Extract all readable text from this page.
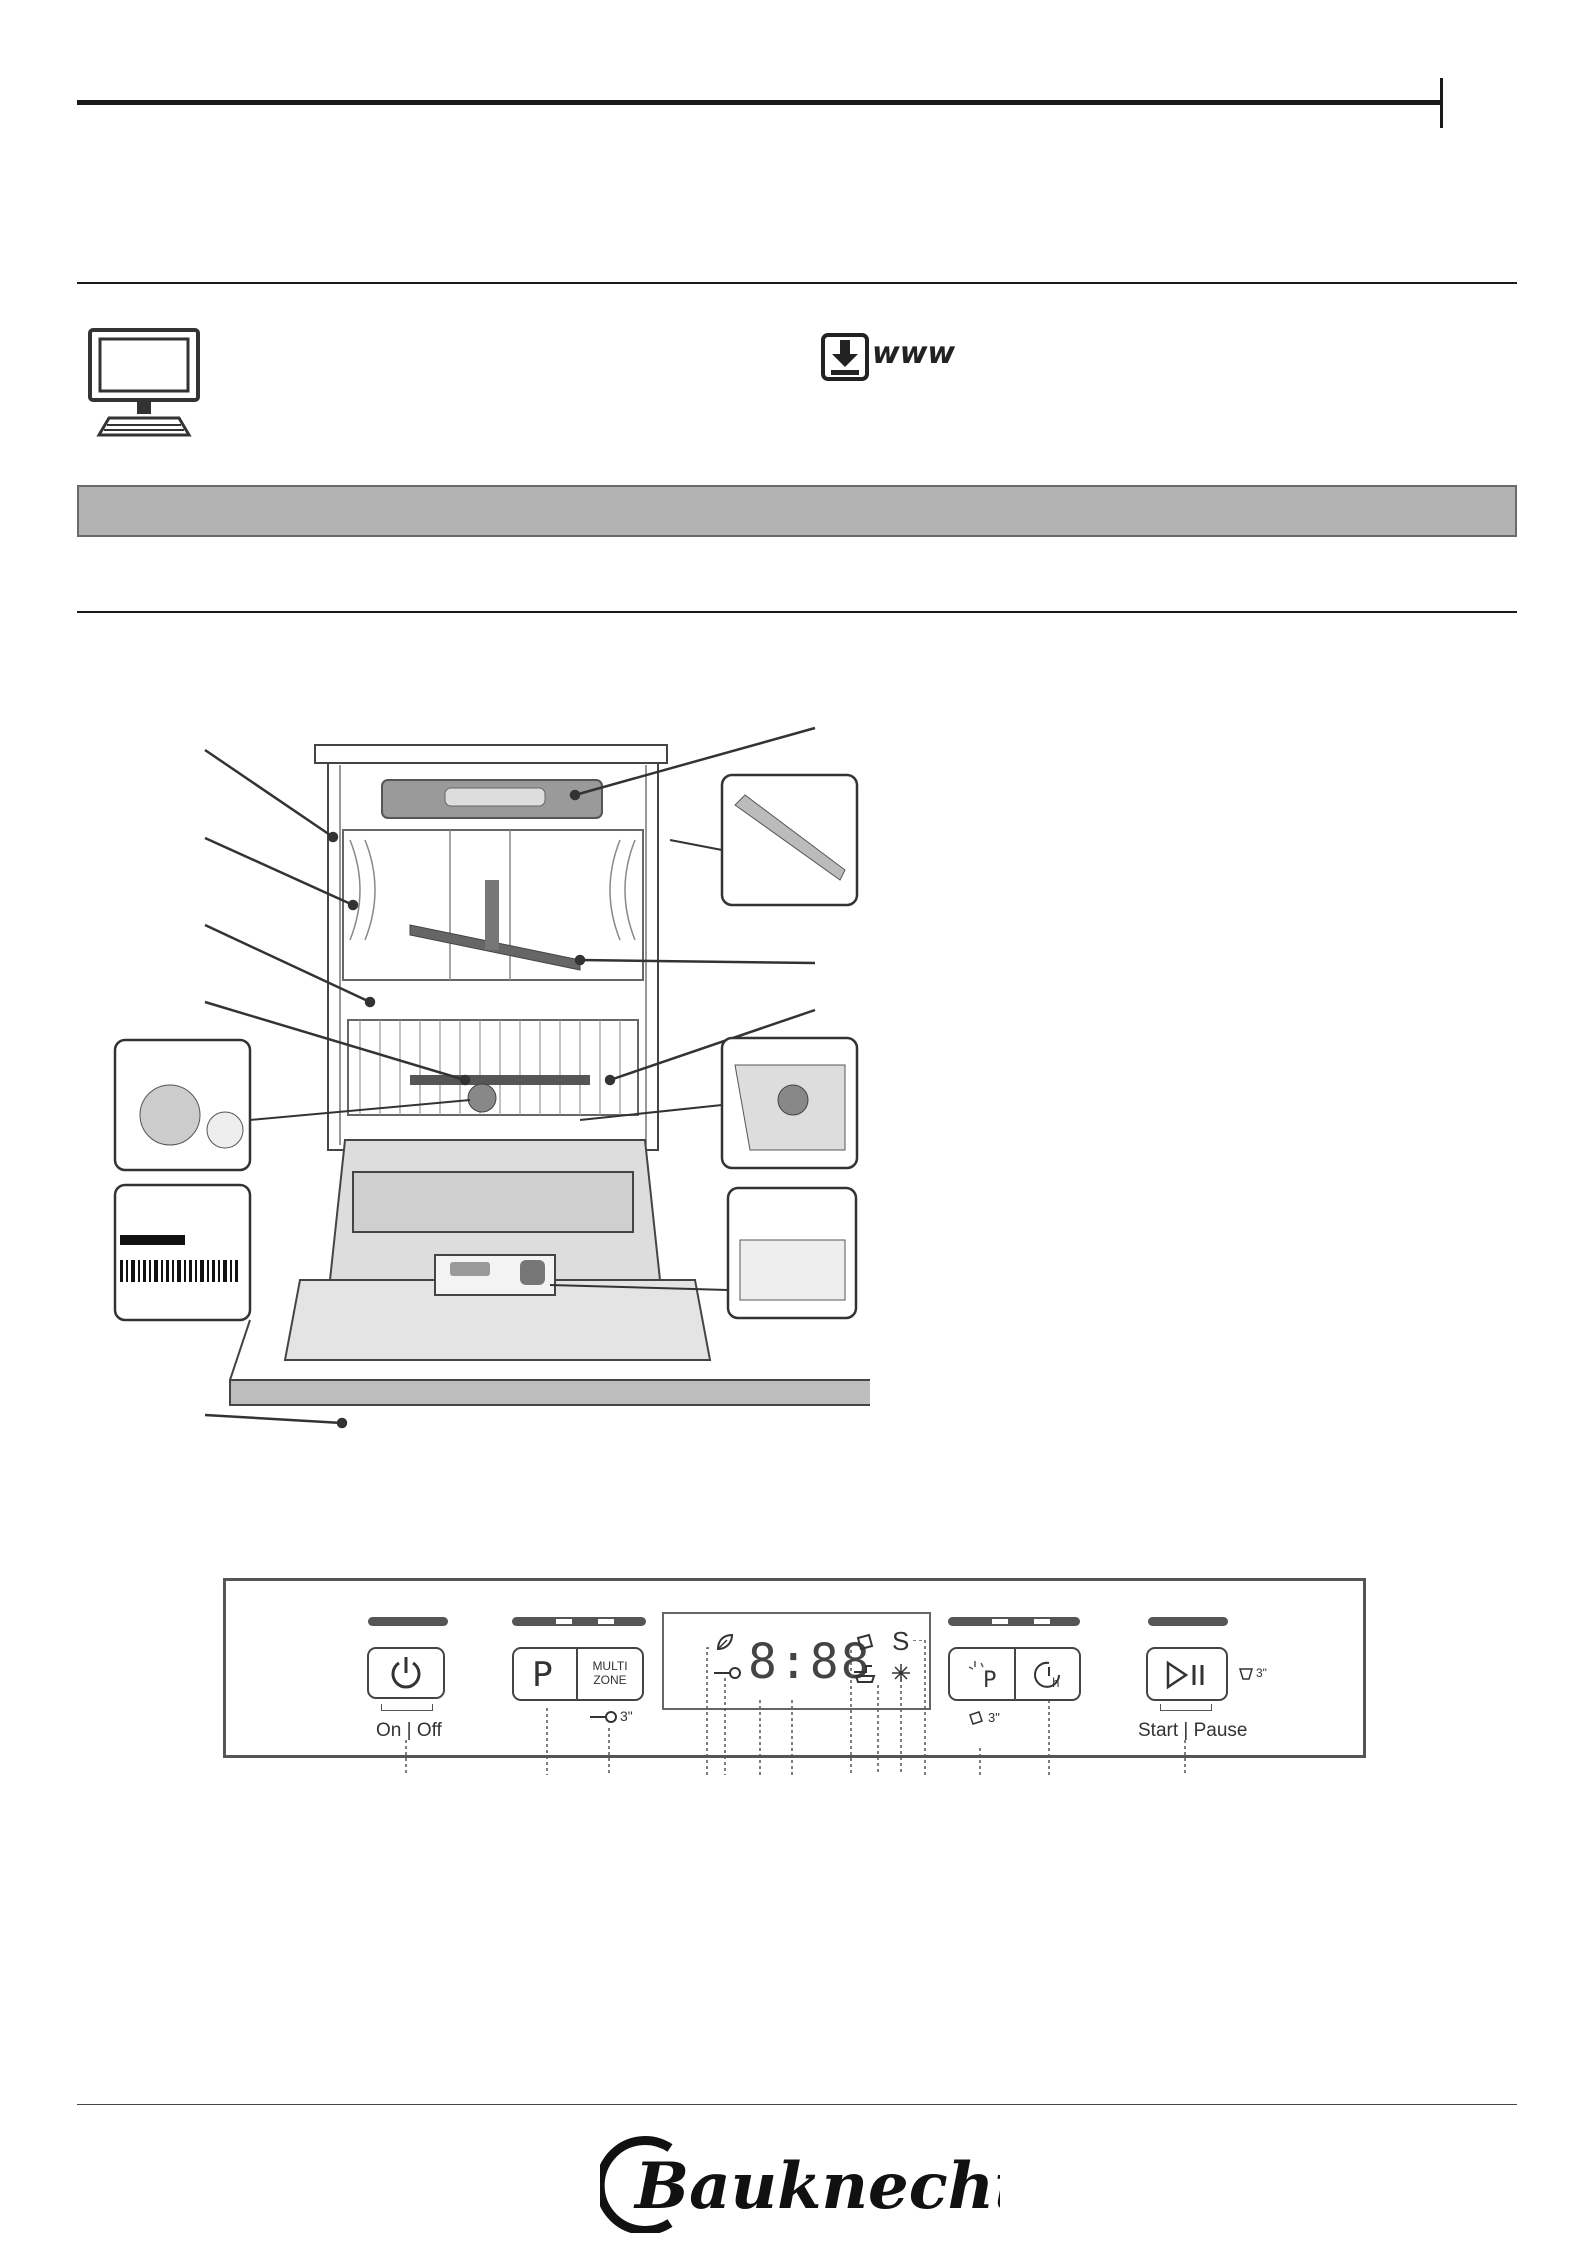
www
On | Off
P	MULTI
ZONE
3"
8:88 S
P	h
3"
3"
Start | Pause
Bauknecht
